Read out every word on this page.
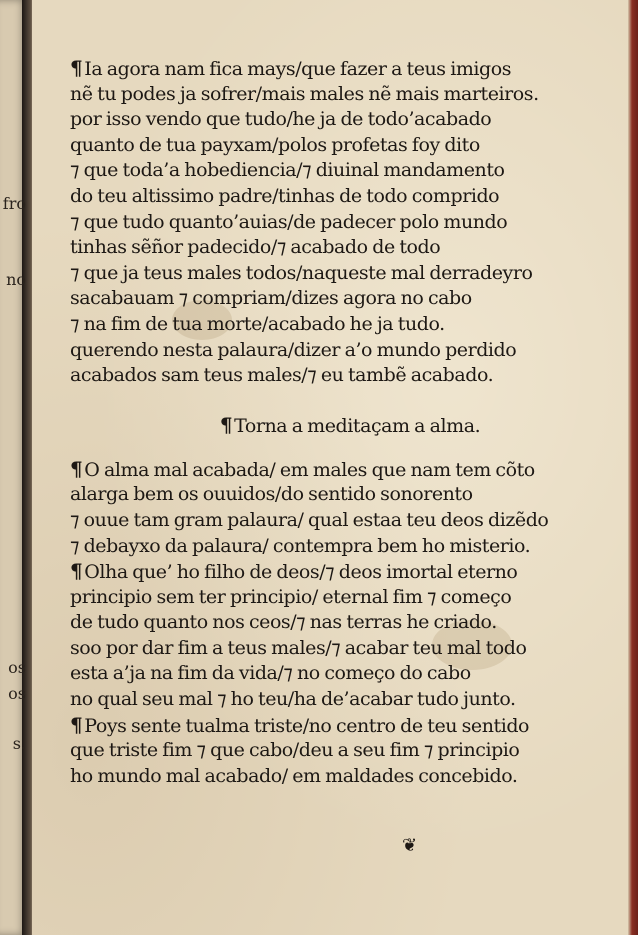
¶ Ia agora nam fica mays/que fazer a teus imigos
nẽ tu podes ja sofrer/mais males nẽ mais marteiros.
por isso vendo que tudo/he ja de todo’acabado
quanto de tua payxam/polos profetas foy dito
⁊ que toda’a hobediencia/⁊ diuinal mandamento
do teu altissimo padre/tinhas de todo comprido
⁊ que tudo quanto’auias/de padecer polo mundo
tinhas sẽñor padecido/⁊ acabado de todo
⁊ que ja teus males todos/naqueste mal derradeyro
sacabauam ⁊ compriam/dizes agora no cabo
⁊ na fim de tua morte/acabado he ja tudo.
querendo nesta palaura/dizer a’o mundo perdido
acabados sam teus males/⁊ eu tambẽ acabado.
¶ Torna a meditaçam a alma.
¶ O alma mal acabada/ em males que nam tem cõto
alarga bem os ouuidos/do sentido sonorento
⁊ ouue tam gram palaura/ qual estaa teu deos dizẽdo
⁊ debayxo da palaura/ contempra bem ho misterio.
¶ Olha que’ ho filho de deos/⁊ deos imortal eterno
principio sem ter principio/ eternal fim ⁊ começo
de tudo quanto nos ceos/⁊ nas terras he criado.
soo por dar fim a teus males/⁊ acabar teu mal todo
esta a’ja na fim da vida/⁊ no começo do cabo
no qual seu mal ⁊ ho teu/ha de’acabar tudo junto.
¶ Poys sente tualma triste/no centro de teu sentido
que triste fim ⁊ que cabo/deu a seu fim ⁊ principio
ho mundo mal acabado/ em maldades concebido.
❦
fro
no
os
os
s.
